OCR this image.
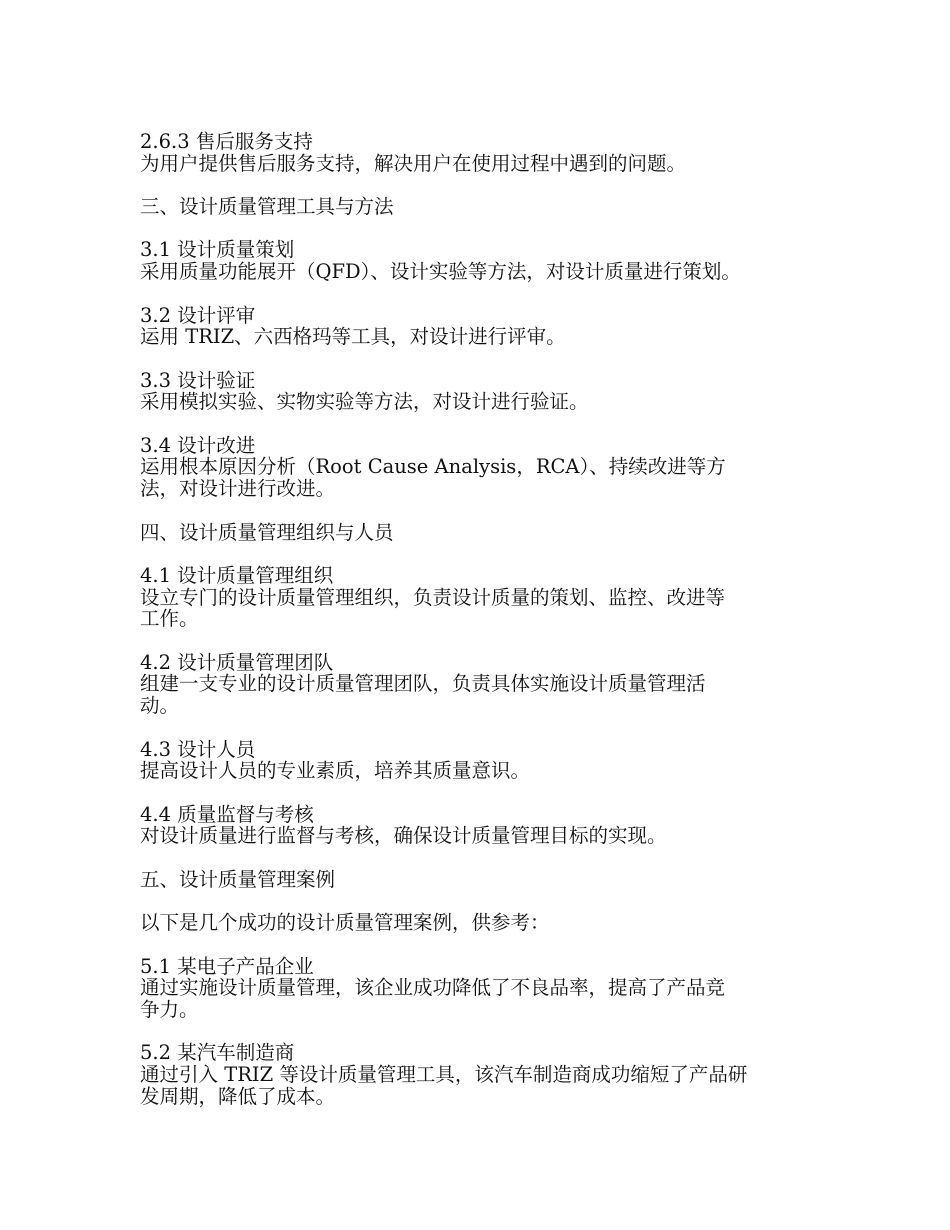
2.6.3 售后服务支持
为用户提供售后服务支持，解决用户在使用过程中遇到的问题。
三、设计质量管理工具与方法
3.1 设计质量策划
采用质量功能展开（QFD）、设计实验等方法，对设计质量进行策划。
3.2 设计评审
运用 TRIZ、六西格玛等工具，对设计进行评审。
3.3 设计验证
采用模拟实验、实物实验等方法，对设计进行验证。
3.4 设计改进
运用根本原因分析（Root Cause Analysis，RCA）、持续改进等方
法，对设计进行改进。
四、设计质量管理组织与人员
4.1 设计质量管理组织
设立专门的设计质量管理组织，负责设计质量的策划、监控、改进等
工作。
4.2 设计质量管理团队
组建一支专业的设计质量管理团队，负责具体实施设计质量管理活
动。
4.3 设计人员
提高设计人员的专业素质，培养其质量意识。
4.4 质量监督与考核
对设计质量进行监督与考核，确保设计质量管理目标的实现。
五、设计质量管理案例
以下是几个成功的设计质量管理案例，供参考：
5.1 某电子产品企业
通过实施设计质量管理，该企业成功降低了不良品率，提高了产品竞
争力。
5.2 某汽车制造商
通过引入 TRIZ 等设计质量管理工具，该汽车制造商成功缩短了产品研
发周期，降低了成本。
